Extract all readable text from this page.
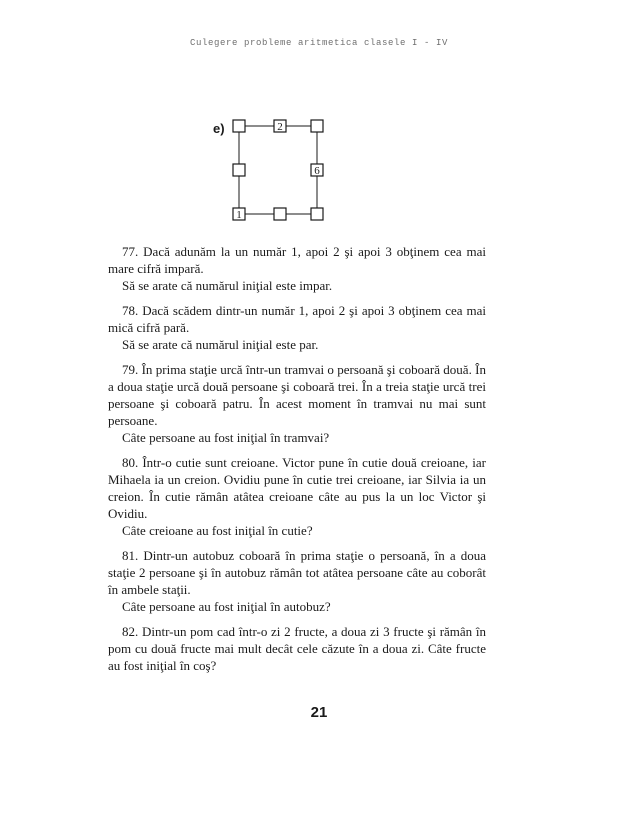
Culegere probleme aritmetica clasele I - IV
e)	2
6
1

77. Dacă adunăm la un număr 1, apoi 2 şi apoi 3 obţinem cea mai mare cifră impară.

Să se arate că numărul iniţial este impar.

78. Dacă scădem dintr-un număr 1, apoi 2 şi apoi 3 obţinem cea mai mică cifră pară.

Să se arate că numărul iniţial este par.

79. În prima staţie urcă într-un tramvai o persoană şi coboară două. În a doua staţie urcă două persoane şi coboară trei. În a treia staţie urcă trei persoane şi coboară patru. În acest moment în tramvai nu mai sunt persoane.

Câte persoane au fost iniţial în tramvai?

80. Într-o cutie sunt creioane. Victor pune în cutie două creioane, iar Mihaela ia un creion. Ovidiu pune în cutie trei creioane, iar Silvia ia un creion. În cutie rămân atâtea creioane câte au pus la un loc Victor şi Ovidiu.

Câte creioane au fost iniţial în cutie?

81. Dintr-un autobuz coboară în prima staţie o persoană, în a doua staţie 2 persoane şi în autobuz rămân tot atâtea persoane câte au coborât în ambele staţii.

Câte persoane au fost iniţial în autobuz?

82. Dintr-un pom cad într-o zi 2 fructe, a doua zi 3 fructe şi rămân în pom cu două fructe mai mult decât cele căzute în a doua zi. Câte fructe au fost iniţial în coş?

21
